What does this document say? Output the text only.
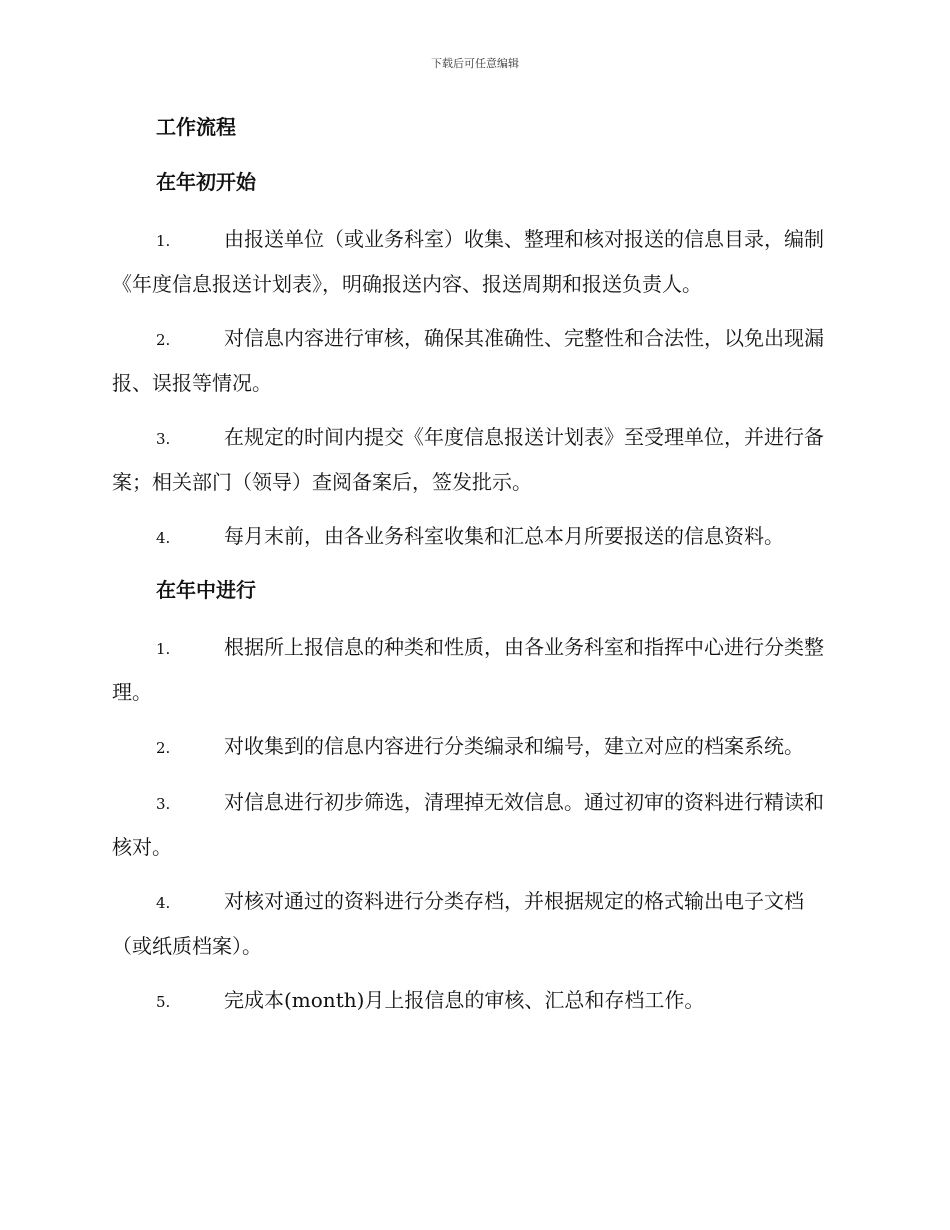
下载后可任意编辑
工作流程
在年初开始
1.	由报送单位（或业务科室）收集、整理和核对报送的信息目录，编制《年度信息报送计划表》，明确报送内容、报送周期和报送负责人。
2.	对信息内容进行审核，确保其准确性、完整性和合法性，以免出现漏报、误报等情况。
3.	在规定的时间内提交《年度信息报送计划表》至受理单位，并进行备案；相关部门（领导）查阅备案后，签发批示。
4.	每月末前，由各业务科室收集和汇总本月所要报送的信息资料。
在年中进行
1.	根据所上报信息的种类和性质，由各业务科室和指挥中心进行分类整理。
2.	对收集到的信息内容进行分类编录和编号，建立对应的档案系统。
3.	对信息进行初步筛选，清理掉无效信息。通过初审的资料进行精读和核对。
4.	对核对通过的资料进行分类存档，并根据规定的格式输出电子文档（或纸质档案）。
5.	完成本(month)月上报信息的审核、汇总和存档工作。
